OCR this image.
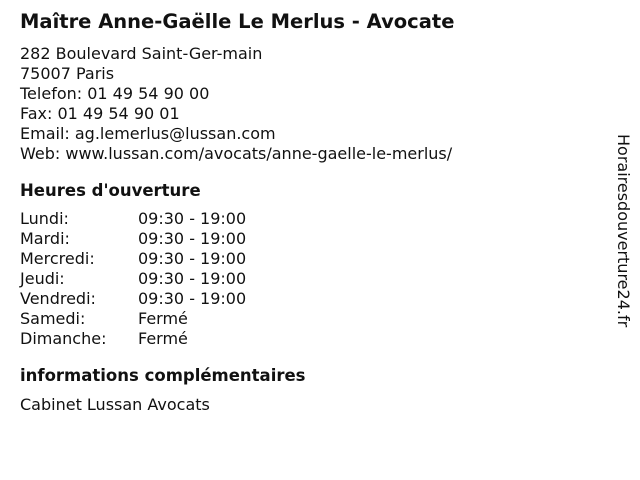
Maître Anne-Gaëlle Le Merlus - Avocate
282 Boulevard Saint-Ger-main
75007 Paris
Telefon: 01 49 54 90 00
Fax: 01 49 54 90 01
Email: ag.lemerlus@lussan.com
Web: www.lussan.com/avocats/anne-gaelle-le-merlus/
Heures d'ouverture
Lundi:	09:30 - 19:00
Mardi:	09:30 - 19:00
Mercredi:	09:30 - 19:00
Jeudi:	09:30 - 19:00
Vendredi:	09:30 - 19:00
Samedi:	Fermé
Dimanche:	Fermé
informations complémentaires
Cabinet Lussan Avocats
Horairesdouverture24.fr
